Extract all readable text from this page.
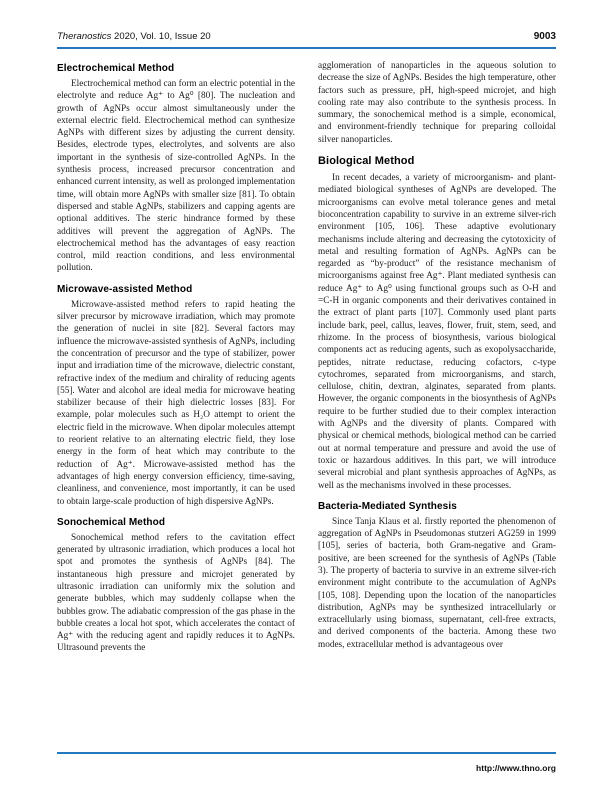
Theranostics 2020, Vol. 10, Issue 20	9003
Electrochemical Method

Electrochemical method can form an electric potential in the electrolyte and reduce Ag⁺ to Ag⁰ [80]. The nucleation and growth of AgNPs occur almost simultaneously under the external electric field. Electrochemical method can synthesize AgNPs with different sizes by adjusting the current density. Besides, electrode types, electrolytes, and solvents are also important in the synthesis of size-controlled AgNPs. In the synthesis process, increased precursor concentration and enhanced current intensity, as well as prolonged implementation time, will obtain more AgNPs with smaller size [81]. To obtain dispersed and stable AgNPs, stabilizers and capping agents are optional additives. The steric hindrance formed by these additives will prevent the aggregation of AgNPs. The electrochemical method has the advantages of easy reaction control, mild reaction conditions, and less environmental pollution.

Microwave-assisted Method

Microwave-assisted method refers to rapid heating the silver precursor by microwave irradiation, which may promote the generation of nuclei in site [82]. Several factors may influence the microwave-assisted synthesis of AgNPs, including the concentration of precursor and the type of stabilizer, power input and irradiation time of the microwave, dielectric constant, refractive index of the medium and chirality of reducing agents [55]. Water and alcohol are ideal media for microwave heating stabilizer because of their high dielectric losses [83]. For example, polar molecules such as H₂O attempt to orient the electric field in the microwave. When dipolar molecules attempt to reorient relative to an alternating electric field, they lose energy in the form of heat which may contribute to the reduction of Ag⁺. Microwave-assisted method has the advantages of high energy conversion efficiency, time-saving, cleanliness, and convenience, most importantly, it can be used to obtain large-scale production of high dispersive AgNPs.

Sonochemical Method

Sonochemical method refers to the cavitation effect generated by ultrasonic irradiation, which produces a local hot spot and promotes the synthesis of AgNPs [84]. The instantaneous high pressure and microjet generated by ultrasonic irradiation can uniformly mix the solution and generate bubbles, which may suddenly collapse when the bubbles grow. The adiabatic compression of the gas phase in the bubble creates a local hot spot, which accelerates the contact of Ag⁺ with the reducing agent and rapidly reduces it to AgNPs. Ultrasound prevents the

agglomeration of nanoparticles in the aqueous solution to decrease the size of AgNPs. Besides the high temperature, other factors such as pressure, pH, high-speed microjet, and high cooling rate may also contribute to the synthesis process. In summary, the sonochemical method is a simple, economical, and environment-friendly technique for preparing colloidal silver nanoparticles.

Biological Method

In recent decades, a variety of microorganism- and plant-mediated biological syntheses of AgNPs are developed. The microorganisms can evolve metal tolerance genes and metal bioconcentration capability to survive in an extreme silver-rich environment [105, 106]. These adaptive evolutionary mechanisms include altering and decreasing the cytotoxicity of metal and resulting formation of AgNPs. AgNPs can be regarded as “by-product” of the resistance mechanism of microorganisms against free Ag⁺. Plant mediated synthesis can reduce Ag⁺ to Ag⁰ using functional groups such as O-H and =C-H in organic components and their derivatives contained in the extract of plant parts [107]. Commonly used plant parts include bark, peel, callus, leaves, flower, fruit, stem, seed, and rhizome. In the process of biosynthesis, various biological components act as reducing agents, such as exopolysaccharide, peptides, nitrate reductase, reducing cofactors, c-type cytochromes, separated from microorganisms, and starch, cellulose, chitin, dextran, alginates, separated from plants. However, the organic components in the biosynthesis of AgNPs require to be further studied due to their complex interaction with AgNPs and the diversity of plants. Compared with physical or chemical methods, biological method can be carried out at normal temperature and pressure and avoid the use of toxic or hazardous additives. In this part, we will introduce several microbial and plant synthesis approaches of AgNPs, as well as the mechanisms involved in these processes.

Bacteria-Mediated Synthesis

Since Tanja Klaus et al. firstly reported the phenomenon of aggregation of AgNPs in Pseudomonas stutzeri AG259 in 1999 [105], series of bacteria, both Gram-negative and Gram-positive, are been screened for the synthesis of AgNPs (Table 3). The property of bacteria to survive in an extreme silver-rich environment might contribute to the accumulation of AgNPs [105, 108]. Depending upon the location of the nanoparticles distribution, AgNPs may be synthesized intracellularly or extracellularly using biomass, supernatant, cell-free extracts, and derived components of the bacteria. Among these two modes, extracellular method is advantageous over

http://www.thno.org
